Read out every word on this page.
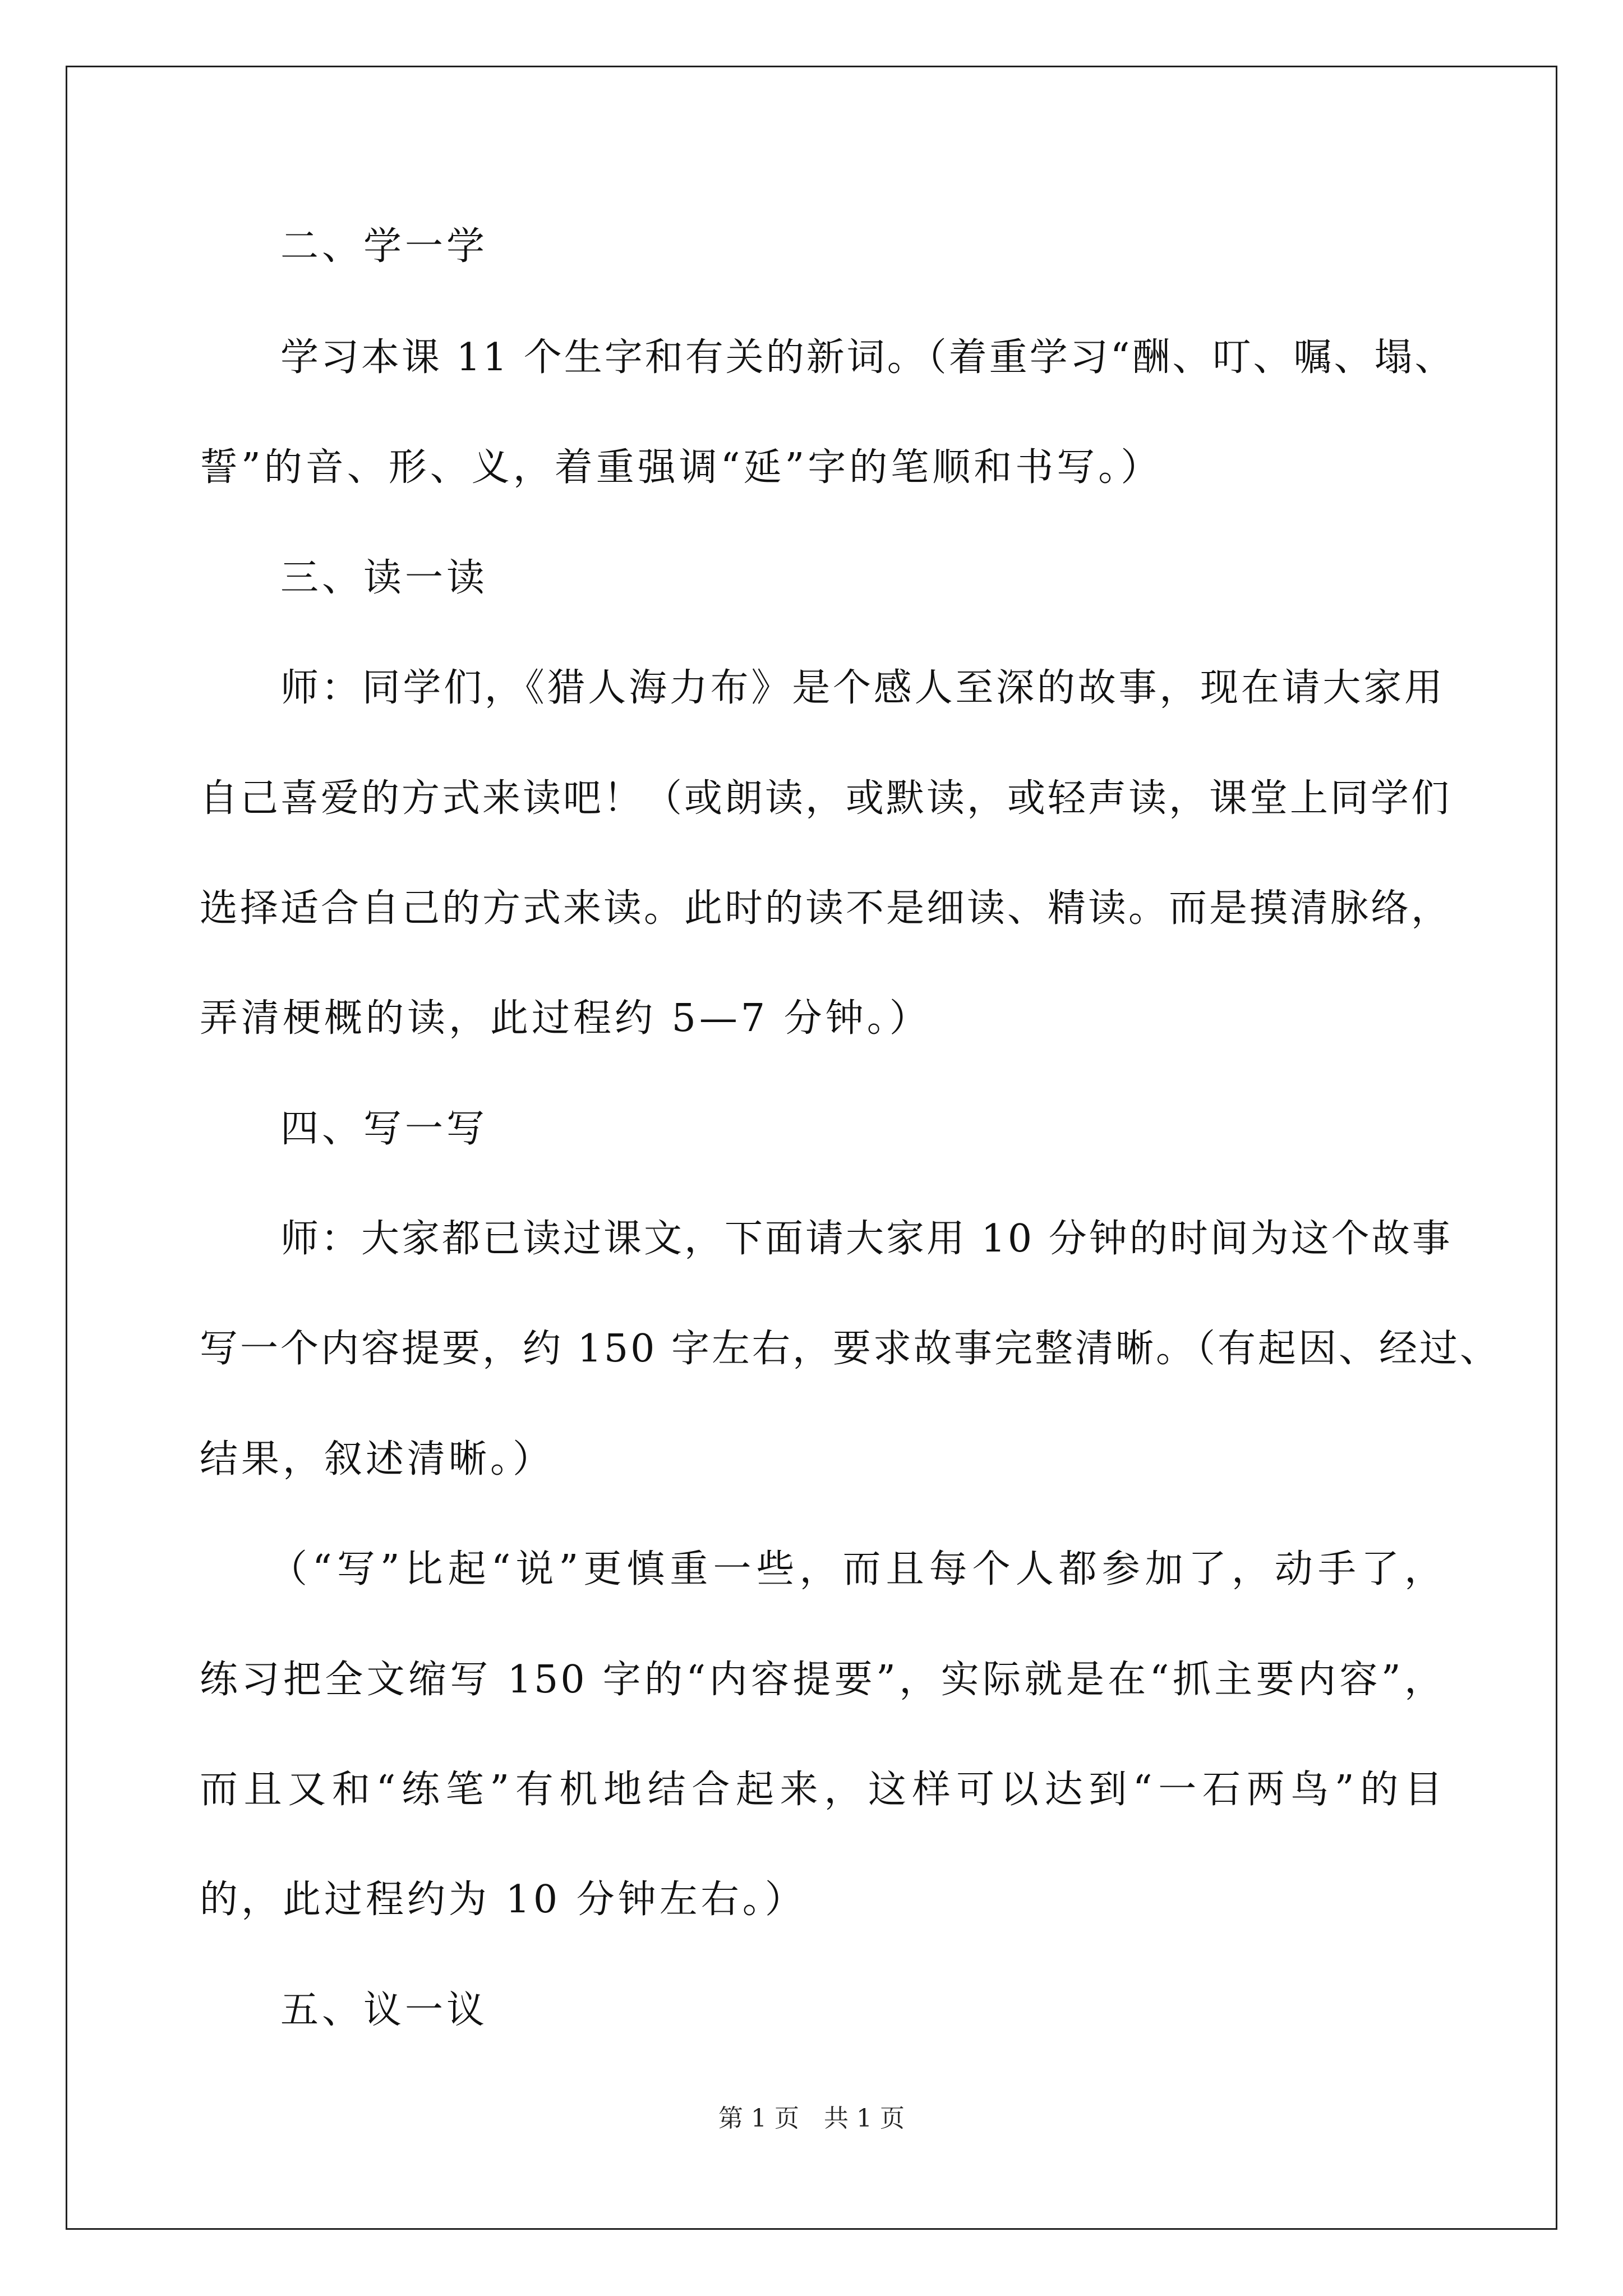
二、学一学
学习本课 11 个生字和有关的新词。（着重学习“酬、叮、嘱、塌、
誓”的音、形、义，着重强调“延”字的笔顺和书写。）
三、读一读
师：同学们，《猎人海力布》是个感人至深的故事，现在请大家用
自己喜爱的方式来读吧！（或朗读，或默读，或轻声读，课堂上同学们
选择适合自己的方式来读。此时的读不是细读、精读。而是摸清脉络，
弄清梗概的读，此过程约 5—7 分钟。）
四、写一写
师：大家都已读过课文，下面请大家用 10 分钟的时间为这个故事
写一个内容提要，约 150 字左右，要求故事完整清晰。（有起因、经过、
结果，叙述清晰。）
（“写”比起“说”更慎重一些，而且每个人都参加了，动手了，
练习把全文缩写 150 字的“内容提要”，实际就是在“抓主要内容”，
而且又和“练笔”有机地结合起来，这样可以达到“一石两鸟”的目
的，此过程约为 10 分钟左右。）
五、议一议
第 1 页　共 1 页
